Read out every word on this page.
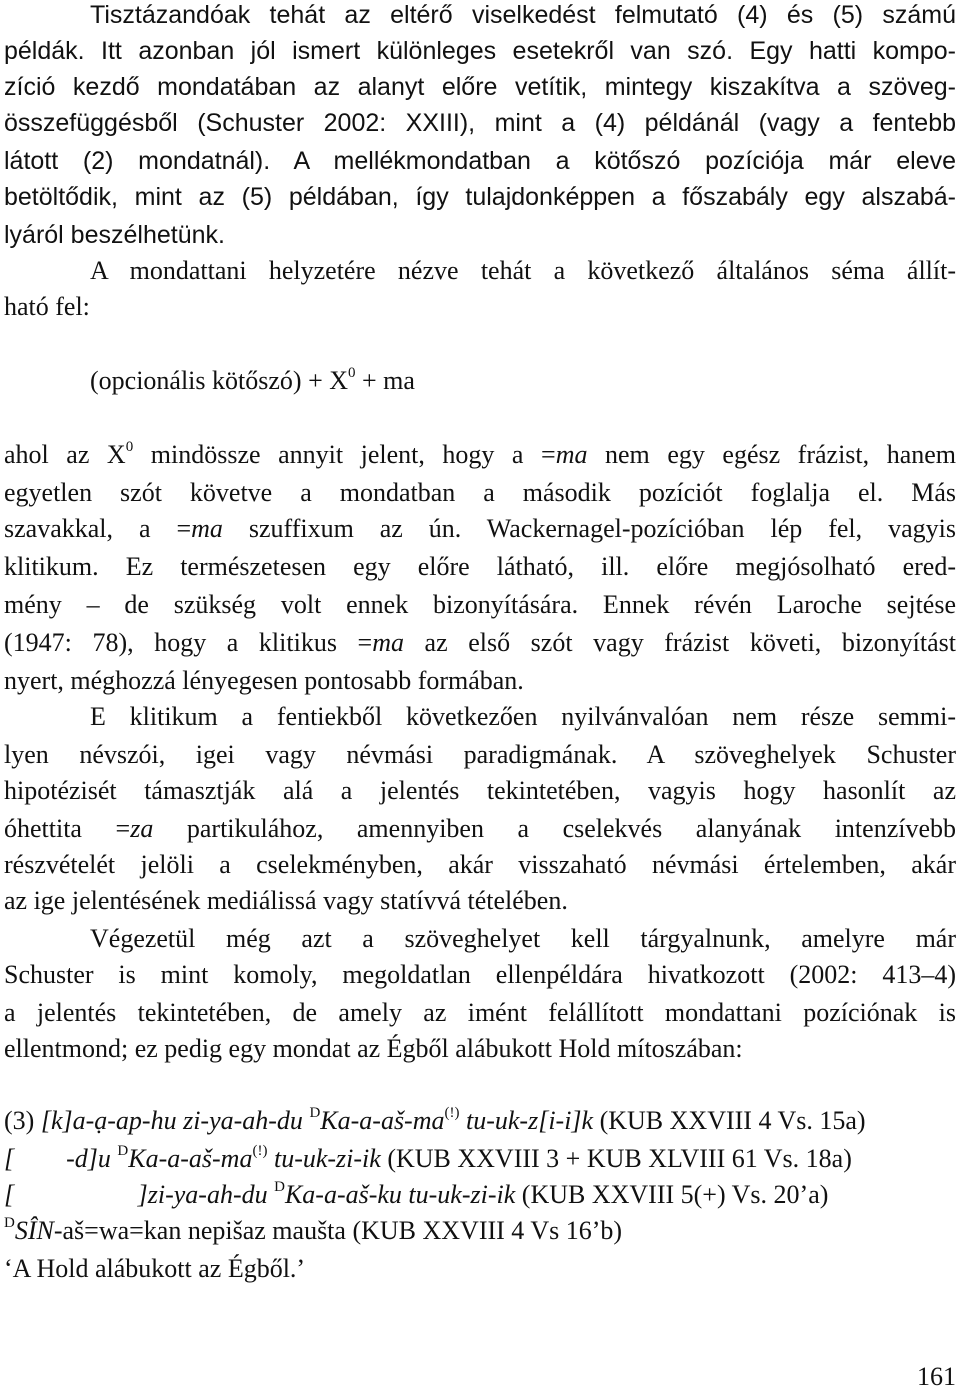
Tisztázandóak tehát az eltérő viselkedést felmutató (4) és (5) számú
példák. Itt azonban jól ismert különleges esetekről van szó. Egy hatti kompo-
zíció kezdő mondatában az alanyt előre vetítik, mintegy kiszakítva a szöveg-
összefüggésből (Schuster 2002: XXIII), mint a (4) példánál (vagy a fentebb
látott (2) mondatnál). A mellékmondatban a kötőszó pozíciója már eleve
betöltődik, mint az (5) példában, így tulajdonképpen a főszabály egy alszabá-
lyáról beszélhetünk.
A mondattani helyzetére nézve tehát a következő általános séma állít-
ható fel:
(opcionális kötőszó) + $X^0$ + ma
ahol az $X^0$ mindössze annyit jelent, hogy a =ma nem egy egész frázist, hanem
egyetlen szót követve a mondatban a második pozíciót foglalja el. Más
szavakkal, a =ma szuffixum az ún. Wackernagel-pozícióban lép fel, vagyis
klitikum. Ez természetesen egy előre látható, ill. előre megjósolható ered-
mény – de szükség volt ennek bizonyítására. Ennek révén Laroche sejtése
(1947: 78), hogy a klitikus =ma az első szót vagy frázist követi, bizonyítást
nyert, méghozzá lényegesen pontosabb formában.
E klitikum a fentiekből következően nyilvánvalóan nem része semmi-
lyen névszói, igei vagy névmási paradigmának. A szöveghelyek Schuster
hipotézisét támasztják alá a jelentés tekintetében, vagyis hogy hasonlít az
óhettita =za partikulához, amennyiben a cselekvés alanyának intenzívebb
részvételét jelöli a cselekményben, akár visszaható névmási értelemben, akár
az ige jelentésének mediálissá vagy statívvá tételében.
Végezetül még azt a szöveghelyet kell tárgyalnunk, amelyre már
Schuster is mint komoly, megoldatlan ellenpéldára hivatkozott (2002: 413–4)
a jelentés tekintetében, de amely az imént felállított mondattani pozíciónak is
ellentmond; ez pedig egy mondat az Égből alábukott Hold mítoszában:
(3) [k]a-ạ-ap-hu zi-ya-ah-du $^D$Ka-a-aš-ma(!) tu-uk-z[i-i]k (KUB XXVIII 4 Vs. 15a)
[ -d]u $^D$Ka-a-aš-ma(!) tu-uk-zi-ik (KUB XXVIII 3 + KUB XLVIII 61 Vs. 18a)
[	]zi-ya-ah-du $^D$Ka-a-aš-ku tu-uk-zi-ik (KUB XXVIII 5(+) Vs. 20’a)
$^D$SÎN-aš=wa=kan nepišaz maušta (KUB XXVIII 4 Vs 16’b)
‘A Hold alábukott az Égből.’
161
